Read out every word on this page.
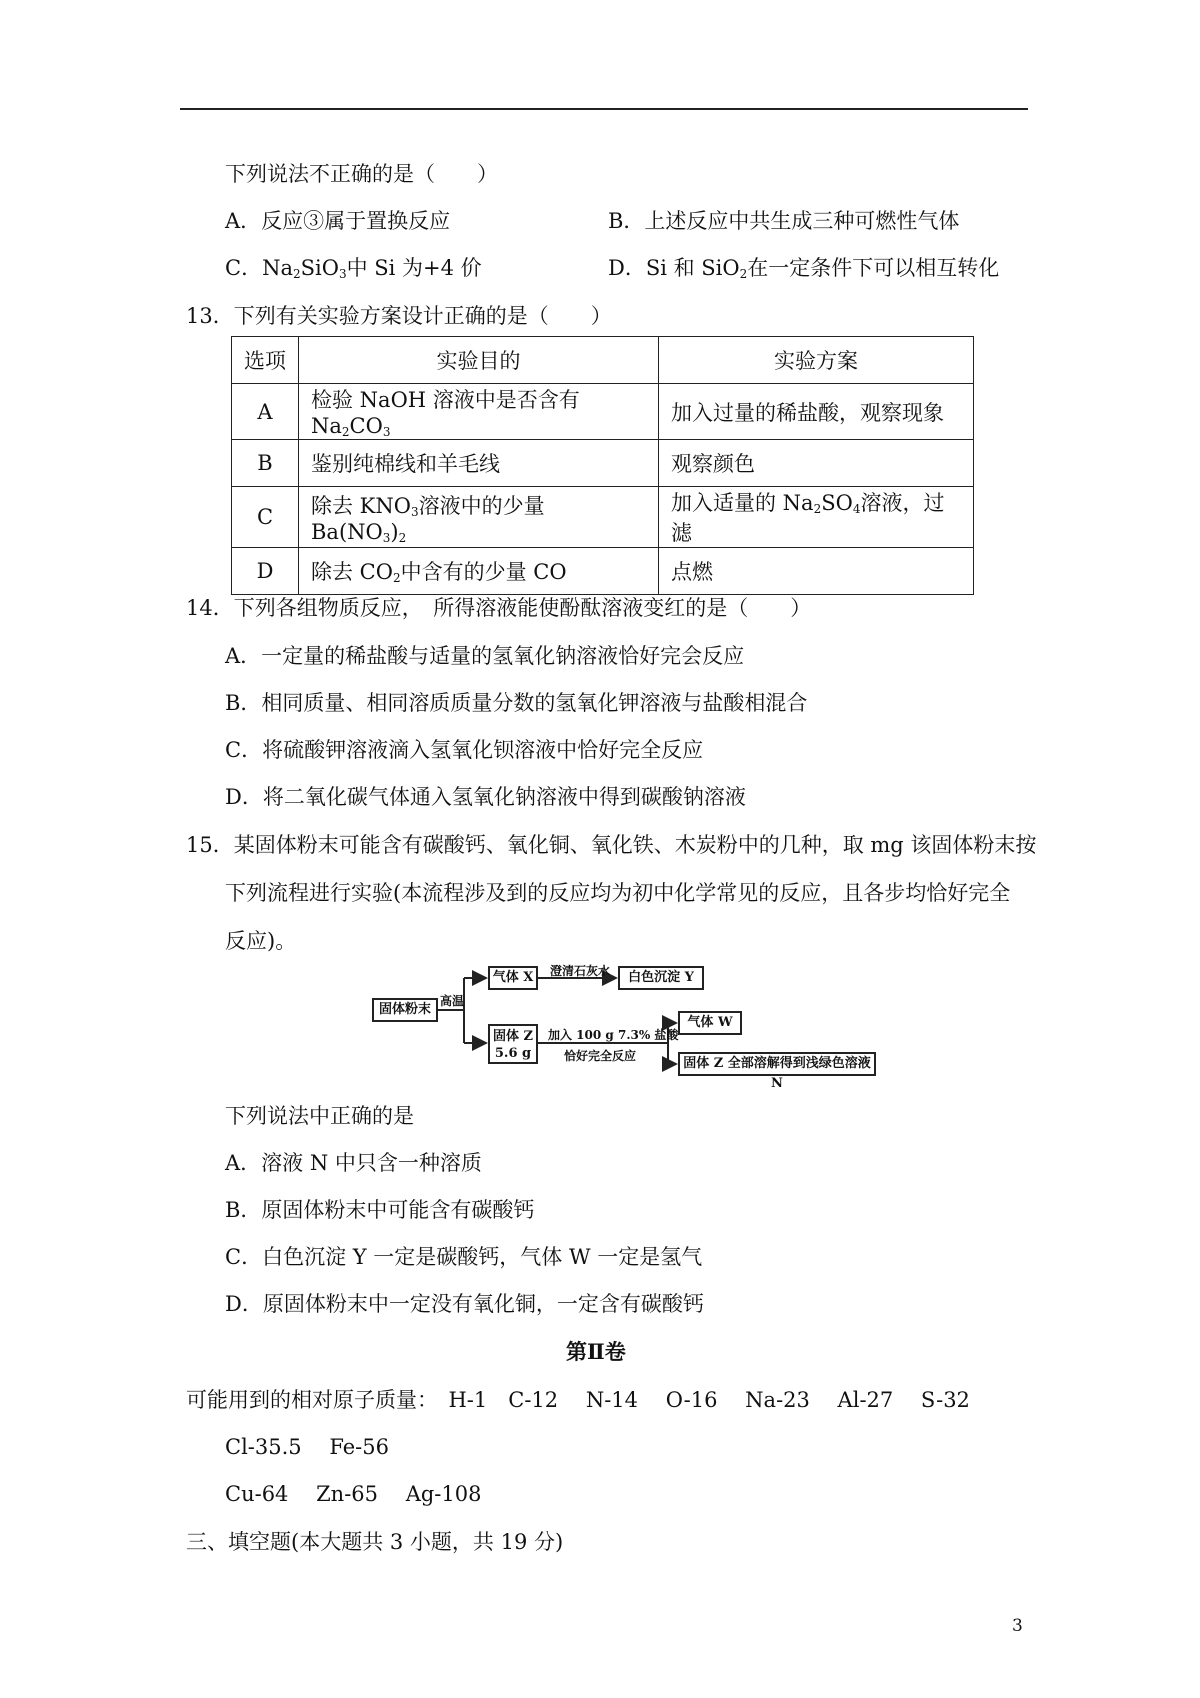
下列说法不正确的是（　　）
A．反应③属于置换反应	B．上述反应中共生成三种可燃性气体
C．$Na_2SiO_3$中 Si 为+4 价	D．Si 和 SiO$_2$在一定条件下可以相互转化
13．下列有关实验方案设计正确的是（　　）
选项	实验目的	实验方案
A	检验 NaOH 溶液中是否含有 $Na_2CO_3$	加入过量的稀盐酸，观察现象
B	鉴别纯棉线和羊毛线	观察颜色
C	除去 $KNO_3$溶液中的少量 $Ba(NO_3)_2$	加入适量的 $Na_2SO_4$溶液，过滤
D	除去 $CO_2$中含有的少量 CO	点燃
14．下列各组物质反应，　所得溶液能使酚酞溶液变红的是（　　）
A．一定量的稀盐酸与适量的氢氧化钠溶液恰好完会反应
B．相同质量、相同溶质质量分数的氢氧化钾溶液与盐酸相混合
C．将硫酸钾溶液滴入氢氧化钡溶液中恰好完全反应
D．将二氧化碳气体通入氢氧化钠溶液中得到碳酸钠溶液
15．某固体粉末可能含有碳酸钙、氧化铜、氧化铁、木炭粉中的几种，取 mg 该固体粉末按
下列流程进行实验(本流程涉及到的反应均为初中化学常见的反应，且各步均恰好完全
反应)。
固体粉末
高温
气体 X	澄清石灰水	白色沉淀 Y
固体 Z
5.6 g
加入 100 g 7.3% 盐酸
恰好完全反应
气体 W
固体 Z 全部溶解得到浅绿色溶液 N
下列说法中正确的是
A．溶液 N 中只含一种溶质
B．原固体粉末中可能含有碳酸钙
C．白色沉淀 Y 一定是碳酸钙，气体 W 一定是氢气
D．原固体粉末中一定没有氧化铜，一定含有碳酸钙
第Ⅱ卷
可能用到的相对原子质量：　H-1　C-12　 N-14　 O-16　 Na-23　 Al-27　 S-32
Cl-35.5　 Fe-56
Cu-64　 Zn-65　 Ag-108
三、填空题(本大题共 3 小题，共 19 分)
3
